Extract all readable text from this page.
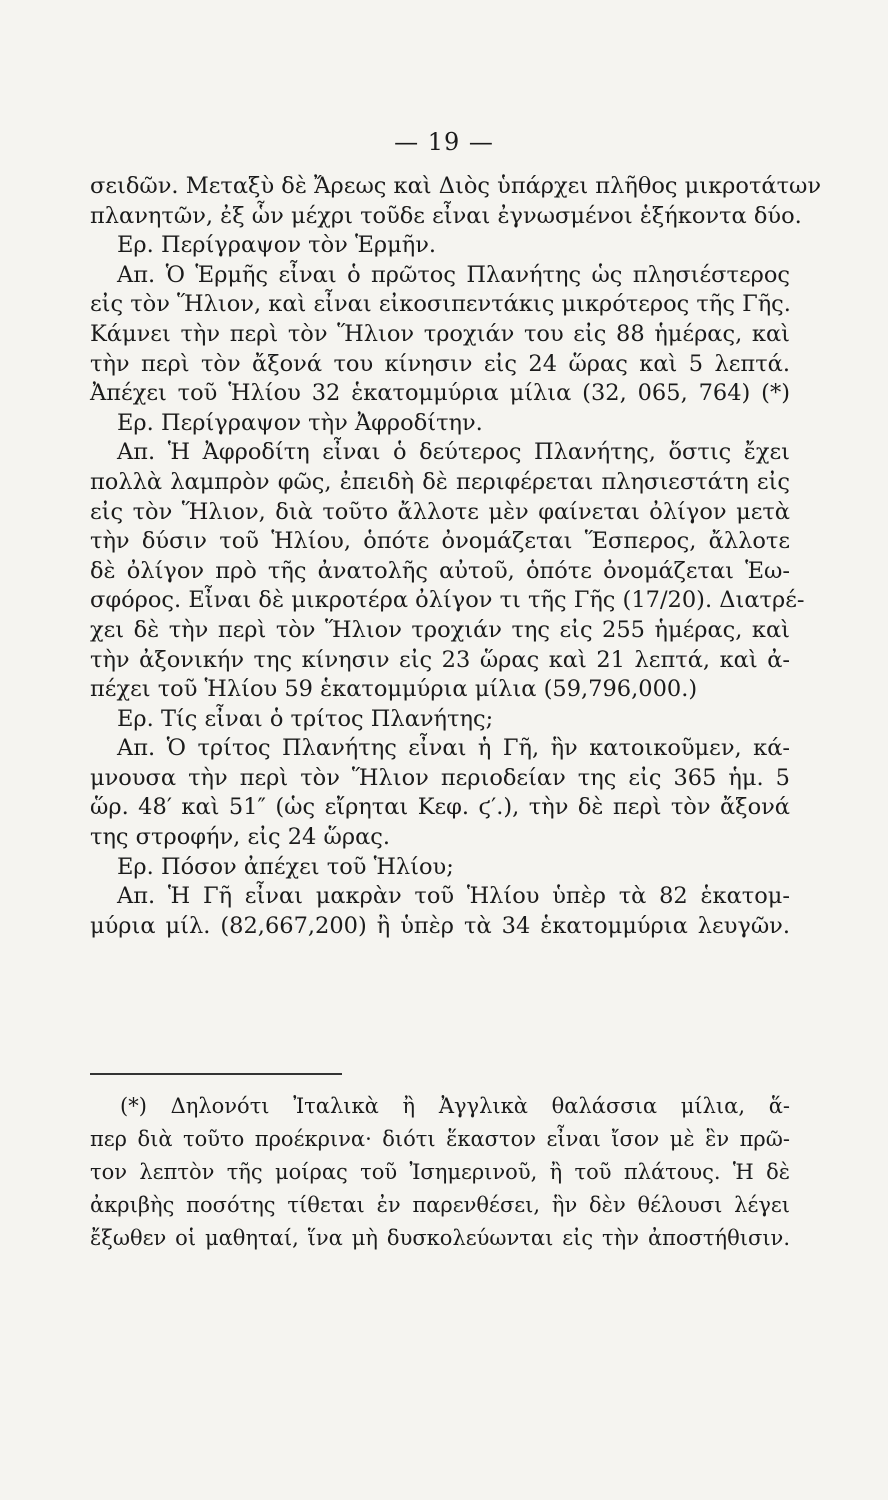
— 19 —
σειδῶν. Μεταξὺ δὲ Ἄρεως καὶ Διὸς ὑπάρχει πλῆθος μικροτάτων
πλανητῶν, ἐξ ὧν μέχρι τοῦδε εἶναι ἐγνωσμένοι ἑξήκοντα δύο.
Ερ. Περίγραψον τὸν Ἑρμῆν.
Απ. Ὁ Ἑρμῆς εἶναι ὁ πρῶτος Πλανήτης ὡς πλησιέστερος
εἰς τὸν Ἥλιον, καὶ εἶναι εἰκοσιπεντάκις μικρότερος τῆς Γῆς.
Κάμνει τὴν περὶ τὸν Ἥλιον τροχιάν του εἰς 88 ἡμέρας, καὶ
τὴν περὶ τὸν ἄξονά του κίνησιν εἰς 24 ὥρας καὶ 5 λεπτά.
Ἀπέχει τοῦ Ἡλίου 32 ἑκατομμύρια μίλια (32, 065, 764) (*)
Ερ. Περίγραψον τὴν Ἀφροδίτην.
Απ. Ἡ Ἀφροδίτη εἶναι ὁ δεύτερος Πλανήτης, ὅστις ἔχει
πολλὰ λαμπρὸν φῶς, ἐπειδὴ δὲ περιφέρεται πλησιεστάτη εἰς
εἰς τὸν Ἥλιον, διὰ τοῦτο ἄλλοτε μὲν φαίνεται ὀλίγον μετὰ
τὴν δύσιν τοῦ Ἡλίου, ὁπότε ὀνομάζεται Ἕσπερος, ἄλλοτε
δὲ ὀλίγον πρὸ τῆς ἀνατολῆς αὐτοῦ, ὁπότε ὀνομάζεται Ἑω-
σφόρος. Εἶναι δὲ μικροτέρα ὀλίγον τι τῆς Γῆς (17/20). Διατρέ-
χει δὲ τὴν περὶ τὸν Ἥλιον τροχιάν της εἰς 255 ἡμέρας, καὶ
τὴν ἀξονικήν της κίνησιν εἰς 23 ὥρας καὶ 21 λεπτά, καὶ ἀ-
πέχει τοῦ Ἡλίου 59 ἑκατομμύρια μίλια (59,796,000.)
Ερ. Τίς εἶναι ὁ τρίτος Πλανήτης;
Απ. Ὁ τρίτος Πλανήτης εἶναι ἡ Γῆ, ἣν κατοικοῦμεν, κά-
μνουσα τὴν περὶ τὸν Ἥλιον περιοδείαν της εἰς 365 ἡμ. 5
ὥρ. 48′ καὶ 51″ (ὡς εἴρηται Κεφ. ϛ′.), τὴν δὲ περὶ τὸν ἄξονά
της στροφήν, εἰς 24 ὥρας.
Ερ. Πόσον ἀπέχει τοῦ Ἡλίου;
Απ. Ἡ Γῆ εἶναι μακρὰν τοῦ Ἡλίου ὑπὲρ τὰ 82 ἑκατομ-
μύρια μίλ. (82,667,200) ἢ ὑπὲρ τὰ 34 ἑκατομμύρια λευγῶν.
(*) Δηλονότι Ἰταλικὰ ἢ Ἀγγλικὰ θαλάσσια μίλια, ἅ-
περ διὰ τοῦτο προέκρινα· διότι ἕκαστον εἶναι ἴσον μὲ ἓν πρῶ-
τον λεπτὸν τῆς μοίρας τοῦ Ἰσημερινοῦ, ἢ τοῦ πλάτους. Ἡ δὲ
ἀκριβὴς ποσότης τίθεται ἐν παρενθέσει, ἣν δὲν θέλουσι λέγει
ἔξωθεν οἱ μαθηταί, ἵνα μὴ δυσκολεύωνται εἰς τὴν ἀποστήθισιν.
